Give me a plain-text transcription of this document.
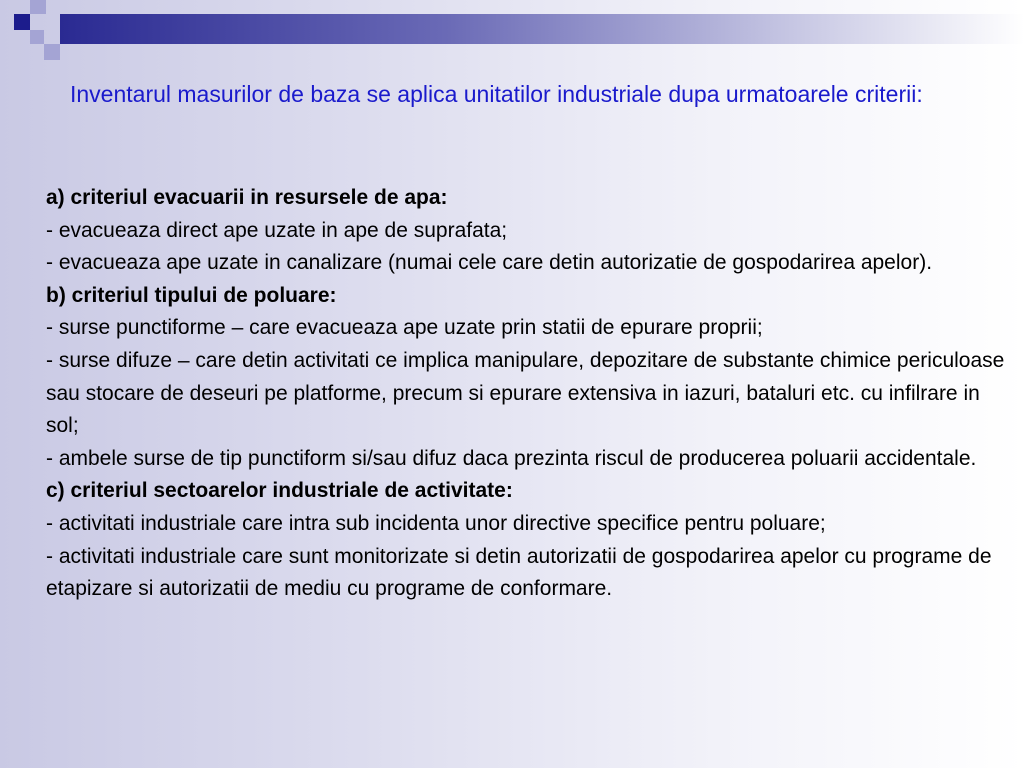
Inventarul masurilor de baza se aplica unitatilor industriale dupa urmatoarele criterii:

a) criteriul evacuarii in resursele de apa:

- evacueaza direct ape uzate in ape de suprafata;

- evacueaza ape uzate in canalizare (numai cele care detin autorizatie de gospodarirea apelor).

b) criteriul tipului de poluare:

- surse punctiforme – care evacueaza ape uzate prin statii de epurare proprii;

- surse difuze – care detin activitati ce implica manipulare, depozitare de substante chimice periculoase sau stocare de deseuri pe platforme, precum si epurare extensiva in iazuri, bataluri etc. cu infilrare in sol;

- ambele surse de tip punctiform si/sau difuz daca prezinta riscul de producerea poluarii accidentale.

c) criteriul sectoarelor industriale de activitate:

- activitati industriale care intra sub incidenta unor directive specifice pentru poluare;

- activitati industriale care sunt monitorizate si detin autorizatii de gospodarirea apelor cu programe de etapizare si autorizatii de mediu cu programe de conformare.
